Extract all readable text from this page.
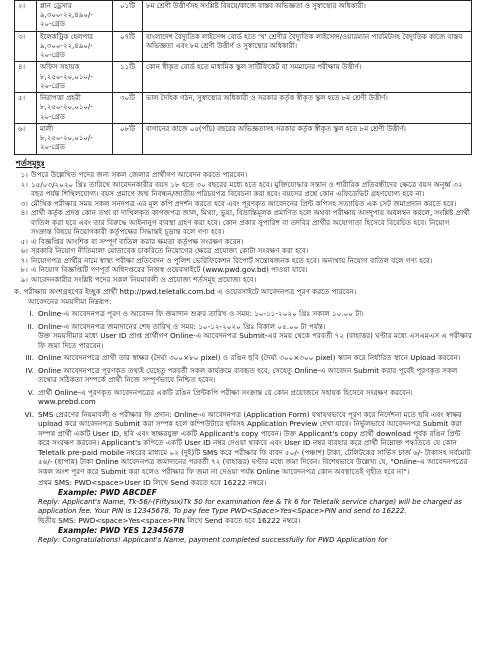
২।	প্লান ড্রেসার
৯,৩০০-২২,৪৯০/-
২০-গ্রেড	০১টি	৮ম শ্রেণী উত্তীর্ণসহ সংশ্লিষ্ট বিষয়ে/কাজে বাস্তব অভিজ্ঞতা ও সুস্বাস্থ্যের অধিকারী।
৩।	ইলেকট্রিক হেলপার
৯,৩০০-২২,৪৯০/-
২০-গ্রেড	০৭টি	বাংলাদেশ বৈদ্যুতিক লাইসেন্স বোর্ড হতে 'খ' শ্রেণীর বৈদ্যুতিক লাইসেন্স/ওয়ারম্যান পারমিটসহ বৈদ্যুতিক কাজে বাস্তব অভিজ্ঞতা এবং ৮ম শ্রেণী উত্তীর্ণ ও সুস্বাস্থ্যের অধিকারী।
৪।	অফিস সহায়ক
৮,২৫০-২০,০১০/-
২০-গ্রেড	১১টি	কোন স্বীকৃত বোর্ড হতে মাধ্যমিক স্কুল সার্টিফিকেট বা সমমানের পরীক্ষায় উত্তীর্ণ।
৫।	নিরাপত্তা প্রহরী
৮,২৫০-২০,০১০/-
২০-গ্রেড	৩০টি	ভাল দৈহিক গঠন, সুস্বাস্থ্যের অধিকারী ও সরকার কর্তৃক স্বীকৃত স্কুল হতে ৮ম শ্রেণী উত্তীর্ণ।
৬।	মালী
৮,২৫০-২০,০১০/-
২০-গ্রেড	০৮টি	বাগানের কাজে ০৫(পাঁচ) বছরের অভিজ্ঞতাসহ সরকার কর্তৃক স্বীকৃত স্কুল হতে ৮ম শ্রেণী উত্তীর্ণ।
শর্তসমূহঃ
১। উপরে উল্লেখিত পদের জন্য সকল জেলার প্রার্থীগণ আবেদন করতে পারবেন।
২। ১৫/০৩/২০২০ খ্রিঃ তারিখে আবেদনকারীর বয়স ১৮ হতে ৩০ বছরের মধ্যে হতে হবে। মুক্তিযোদ্ধার সন্তান ও শারীরিক প্রতিবন্ধীদের ক্ষেত্রে বয়স অনূর্ধ্ব ৩২ বছর পর্যন্ত শিথিলযোগ্য। বয়স প্রমাণে জন্ম নিবন্ধন/জাতীয় পরিচয়পত্র বিবেচনা করা হবে। বয়সের প্রশ্নে কোন এফিডেভিট গ্রহণযোগ্য হবে না।
৩। মৌখিক পরীক্ষার সময় সকল সনদপত্র এর মূল কপি প্রদর্শন করতে হবে এবং পূরণকৃত আবেদনের প্রিন্ট কপিসহ সত্যায়িত এক সেট জমাপ্রদান করতে হবে।
৪। প্রার্থী কর্তৃক প্রদত্ত কোন তথ্য বা দাখিলকৃত কাগজপত্র জাল, মিথ্যা, ভুয়া, বিভ্রান্তিমূলক প্রমাণিত হলে অথবা পরীক্ষায় অসদুপায় অবলম্বন করলে, সংশ্লিষ্ট প্রার্থী বাতিল করা হবে এবং তার বিরুদ্ধে আইনানুগ ব্যবস্থা গ্রহণ করা হবে। কোন প্রকার সুপারিশ বা তদবির প্রার্থীর অযোগ্যতা হিসেবে বিবেচিত হবে। নিয়োগ সংক্রান্ত বিষয়ে নিয়োগকারী কর্তৃপক্ষের সিদ্ধান্তই চূড়ান্ত বলে গণ্য হবে।
৫। এ বিজ্ঞপ্তির আংশিক বা সম্পূর্ণ বাতিল করার ক্ষমতা কর্তৃপক্ষ সংরক্ষণ করেন।
৬। সরকারি নিয়োগ নীতিমালা মোতাবেক চাকরিতে নিয়োগের ক্ষেত্রে প্রযোজ্য কোটা সংরক্ষণ করা হবে।
৭। নিয়োগপত্র প্রার্থীর নামে স্বাস্থ্য পরীক্ষা প্রতিবেদন ও পুলিশ ভেরিফিকেশন রিপোর্ট সন্তোষজনক হতে হবে। অন্যথায় নিয়োগ বাতিল বলে গণ্য হবে।
৮। এ নিয়োগ বিজ্ঞপ্তিটি গণপূর্ত অধিদপ্তরের নিজস্ব ওয়েবসাইটে (www.pwd.gov.bd) পাওয়া যাবে।
৯। আবেদনকারীর সংশ্লিষ্ট পদের সকল নিয়মাবলী ও প্রযোজ্য শর্তসমূহ প্রযোজ্য হবে।
ক. পরীক্ষায় অংশগ্রহণের ইচ্ছুক প্রার্থী http://pwd.teletalk.com.bd এ ওয়েবসাইটে আবেদনপত্র পূরণ করতে পারবেন।
আবেদনের সময়সীমা নিম্নরূপ:
I. Online-এ আবেদনপত্র পূরণ ও আবেদন ফি জমাদান শুরুর তারিখ ও সময়: ১০-১১-২০২০ খ্রিঃ সকাল ১০.০০ টা।
II. Online-এ আবেদনপত্র জমাদানের শেষ তারিখ ও সময়: ১০-১২-২০২০ খ্রিঃ বিকাল ০৫.০০ টা পর্যন্ত।
উক্ত সময়সীমার মধ্যে User ID প্রাপ্ত প্রার্থীগণ Online-এ আবেদনপত্র Submit-এর সময় থেকে পরবর্তী ৭২ (বাহাত্তর) ঘণ্টার মধ্যে এসএমএস এ পরীক্ষার ফি জমা দিতে পারবেন।
III. Online আবেদনপত্রে প্রার্থী তার স্বাক্ষর (দৈর্ঘ্য ৩০০×৮০ pixel) ও রঙিন ছবি (দৈর্ঘ্য ৩০০×৩০০ pixel) স্ক্যান করে নির্ধারিত স্থানে Upload করবেন।
IV. Online আবেদনপত্রে পূরণকৃত তথ্যই যেহেতু পরবর্তী সকল কার্যক্রমে ব্যবহৃত হবে, সেহেতু Online-এ আবেদন Submit করার পূর্বেই পূরণকৃত সকল তথ্যের সঠিকতা সম্পর্কে প্রার্থী নিজে সম্পূর্ণভাবে নিশ্চিত হবেন।
V. প্রার্থী Online-এ পূরণকৃত আবেদনপত্রের একটি রঙিন প্রিন্টকপি পরীক্ষা সংক্রান্ত যে কোন প্রয়োজনে সহায়ক হিসেবে সংরক্ষণ করবেন।
www.prebd.com
VI. SMS প্রেরণের নিয়মাবলী ও পরীক্ষার ফি প্রদান: Online-এ আবেদনপত্র (Application Form) যথাযথভাবে পূরণ করে নির্দেশনা মতে ছবি এবং স্বাক্ষর upload করে আবেদনপত্র Submit করা সম্পন্ন হলে কম্পিউটারে ছবিসহ Application Preview দেখা যাবে। নির্ভুলভাবে আবেদনপত্র Submit করা সম্পন্ন প্রার্থী একটি User ID, ছবি এবং স্বাক্ষরযুক্ত একটি Applicant's copy পাবেন। উক্ত Applicant's copy প্রার্থী download পূর্বক রঙিন প্রিন্ট করে সংরক্ষণ করবেন। Applicant's কপিতে একটি User ID নম্বর দেওয়া থাকবে এবং User ID নম্বর ব্যবহার করে প্রার্থী নিম্নোক্ত পদ্ধতিতে যে কোন Teletalk pre-paid mobile নম্বরের মাধ্যমে ০২ (দুই)টি SMS করে পরীক্ষার ফি বাবদ ৫০/- (পঞ্চাশ) টাকা, টেলিটকের সার্ভিস চার্জ ৬/- টাকাসহ সর্বমোট ৫৬/- (ছাপান্ন) টাকা Online আবেদনপত্র জমাদানের পরবর্তী ৭২ (বাহাত্তর) ঘণ্টার মধ্যে জমা দিবেন। বিশেষভাবে উল্লেখ্য যে, "Online-এ আবেদনপত্রের সকল অংশ পূরণ করে Submit করা হলেও পরীক্ষার ফি জমা না দেওয়া পর্যন্ত Online আবেদনপত্র কোন অবস্থাতেই গৃহীত হবে না"।
প্রথম SMS: PWD<space>User ID লিখে Send করতে হবে 16222 নম্বরে।
Example: PWD ABCDEF
Reply: Applicant's Name, Tk-56/-(Fiftysix)Tk 50 for examination fee & Tk 6 for Teletalk service charge) will be charged as application fee. Your PIN is 12345678. To pay fee Type PWD<Space>Yes<Space>PIN and send to 16222.
দ্বিতীয় SMS: PWD<space>Yes<space>PIN লিখে Send করতে হবে 16222 নম্বরে।
Example: PWD YES 12345678
Reply: Congratulations! Applicant's Name, payment completed successfully for PWD Application for
